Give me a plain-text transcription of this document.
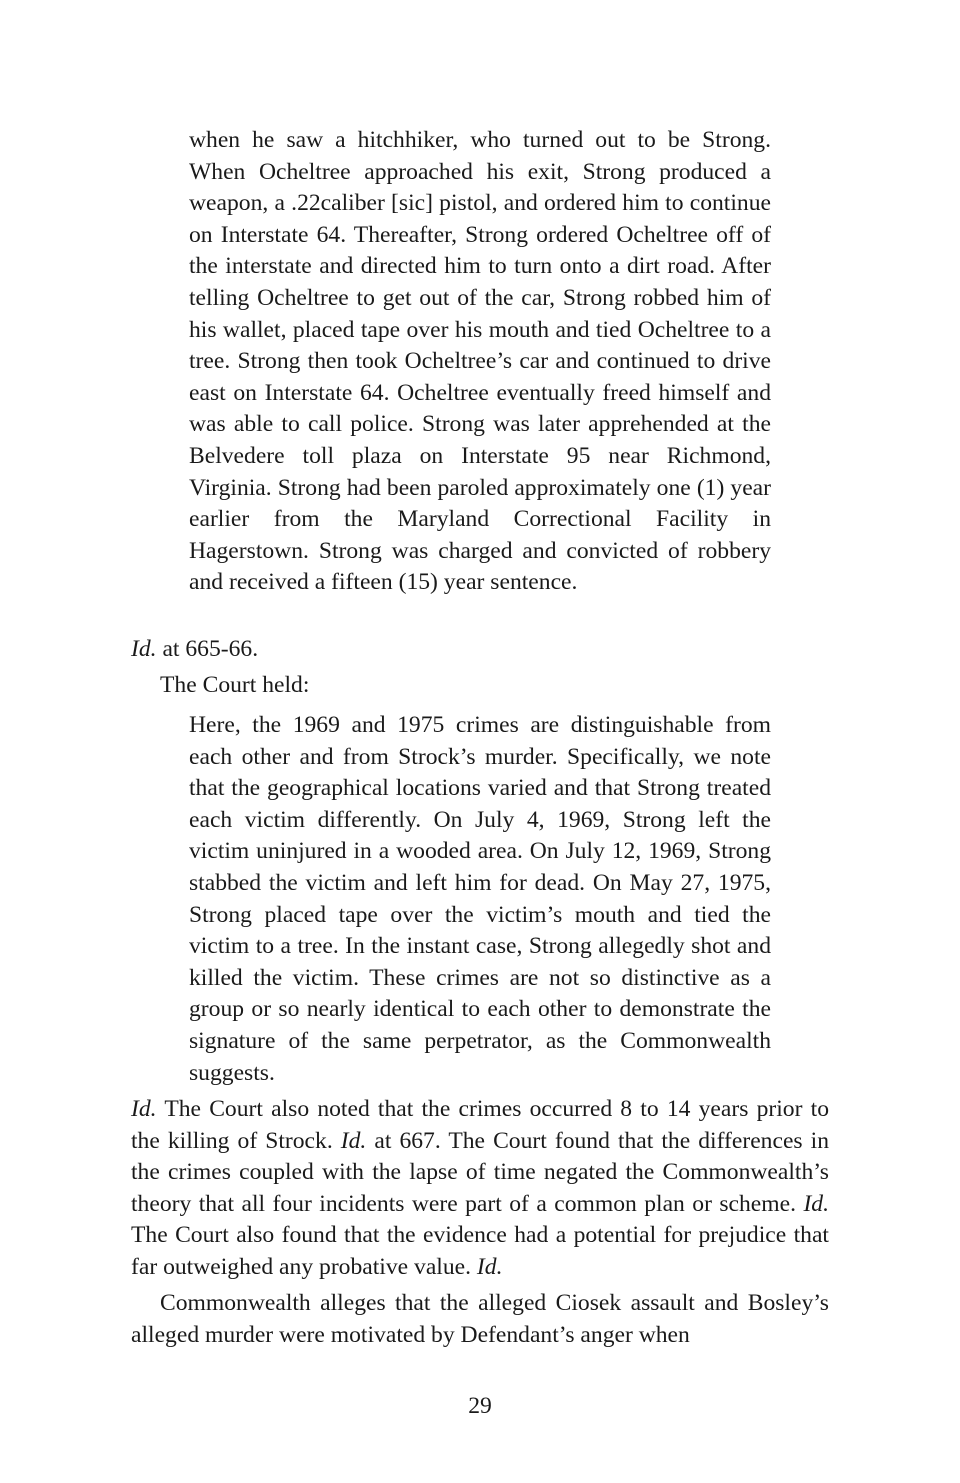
when he saw a hitchhiker, who turned out to be Strong. When Ocheltree approached his exit, Strong produced a weapon, a .22caliber [sic] pistol, and ordered him to continue on Interstate 64. Thereafter, Strong ordered Ocheltree off of the interstate and directed him to turn onto a dirt road. After telling Ocheltree to get out of the car, Strong robbed him of his wallet, placed tape over his mouth and tied Ocheltree to a tree. Strong then took Ocheltree’s car and continued to drive east on Interstate 64. Ocheltree eventually freed himself and was able to call police. Strong was later apprehended at the Belvedere toll plaza on Interstate 95 near Richmond, Virginia. Strong had been paroled approximately one (1) year earlier from the Maryland Correctional Facility in Hagerstown. Strong was charged and convicted of robbery and received a fifteen (15) year sentence.

Id. at 665-66.

The Court held:

Here, the 1969 and 1975 crimes are distinguishable from each other and from Strock’s murder. Specifically, we note that the geographical locations varied and that Strong treated each victim differently. On July 4, 1969, Strong left the victim uninjured in a wooded area. On July 12, 1969, Strong stabbed the victim and left him for dead. On May 27, 1975, Strong placed tape over the victim’s mouth and tied the victim to a tree. In the instant case, Strong allegedly shot and killed the victim. These crimes are not so distinctive as a group or so nearly identical to each other to demonstrate the signature of the same perpetrator, as the Commonwealth suggests.

Id. The Court also noted that the crimes occurred 8 to 14 years prior to the killing of Strock. Id. at 667. The Court found that the differences in the crimes coupled with the lapse of time negated the Commonwealth’s theory that all four incidents were part of a common plan or scheme. Id. The Court also found that the evidence had a potential for prejudice that far outweighed any probative value. Id.

Commonwealth alleges that the alleged Ciosek assault and Bosley’s alleged murder were motivated by Defendant’s anger when

29
